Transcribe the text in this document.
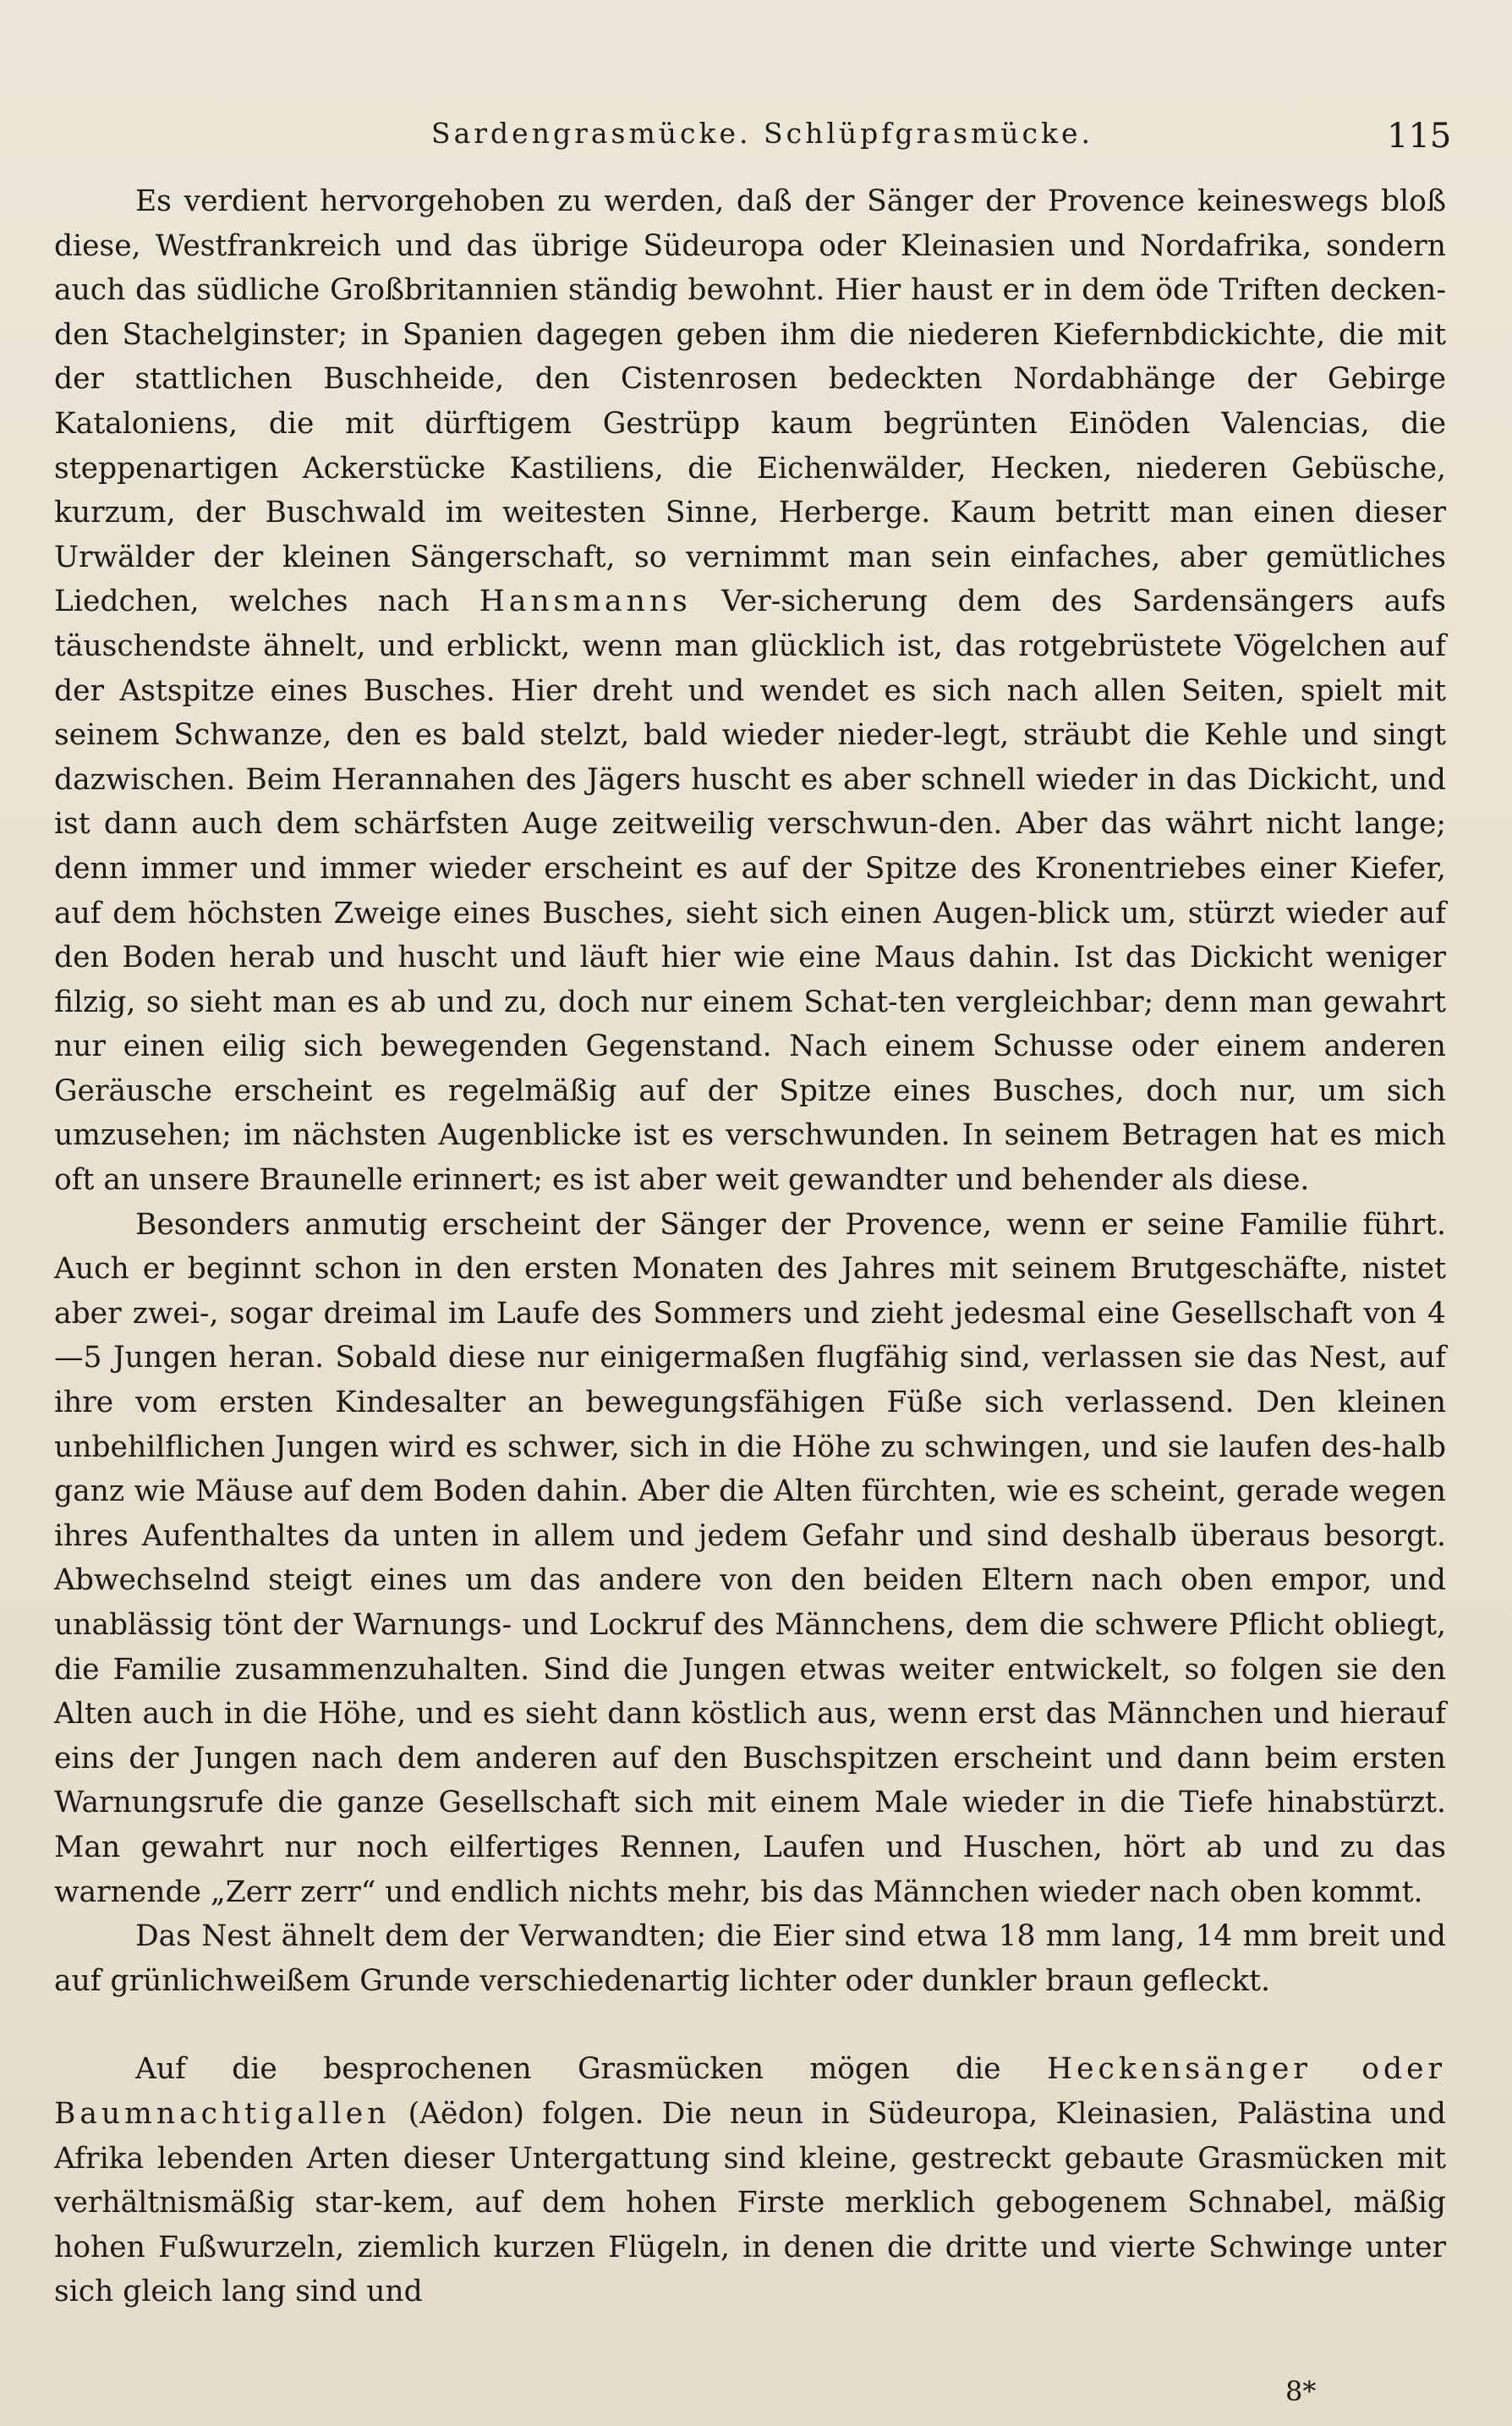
Sardengrasmücke. Schlüpfgrasmücke.	115

Es verdient hervorgehoben zu werden, daß der Sänger der Provence keineswegs bloß diese, Westfrankreich und das übrige Südeuropa oder Kleinasien und Nordafrika, sondern auch das südliche Großbritannien ständig bewohnt. Hier haust er in dem öde Triften decken-den Stachelginster; in Spanien dagegen geben ihm die niederen Kiefernbdickichte, die mit der stattlichen Buschheide, den Cistenrosen bedeckten Nordabhänge der Gebirge Kataloniens, die mit dürftigem Gestrüpp kaum begrünten Einöden Valencias, die steppenartigen Ackerstücke Kastiliens, die Eichenwälder, Hecken, niederen Gebüsche, kurzum, der Buschwald im weitesten Sinne, Herberge. Kaum betritt man einen dieser Urwälder der kleinen Sängerschaft, so vernimmt man sein einfaches, aber gemütliches Liedchen, welches nach Hansmanns Ver-sicherung dem des Sardensängers aufs täuschendste ähnelt, und erblickt, wenn man glücklich ist, das rotgebrüstete Vögelchen auf der Astspitze eines Busches. Hier dreht und wendet es sich nach allen Seiten, spielt mit seinem Schwanze, den es bald stelzt, bald wieder nieder-legt, sträubt die Kehle und singt dazwischen. Beim Herannahen des Jägers huscht es aber schnell wieder in das Dickicht, und ist dann auch dem schärfsten Auge zeitweilig verschwun-den. Aber das währt nicht lange; denn immer und immer wieder erscheint es auf der Spitze des Kronentriebes einer Kiefer, auf dem höchsten Zweige eines Busches, sieht sich einen Augen-blick um, stürzt wieder auf den Boden herab und huscht und läuft hier wie eine Maus dahin. Ist das Dickicht weniger filzig, so sieht man es ab und zu, doch nur einem Schat-ten vergleichbar; denn man gewahrt nur einen eilig sich bewegenden Gegenstand. Nach einem Schusse oder einem anderen Geräusche erscheint es regelmäßig auf der Spitze eines Busches, doch nur, um sich umzusehen; im nächsten Augenblicke ist es verschwunden. In seinem Betragen hat es mich oft an unsere Braunelle erinnert; es ist aber weit gewandter und behender als diese.

Besonders anmutig erscheint der Sänger der Provence, wenn er seine Familie führt. Auch er beginnt schon in den ersten Monaten des Jahres mit seinem Brutgeschäfte, nistet aber zwei-, sogar dreimal im Laufe des Sommers und zieht jedesmal eine Gesellschaft von 4—5 Jungen heran. Sobald diese nur einigermaßen flugfähig sind, verlassen sie das Nest, auf ihre vom ersten Kindesalter an bewegungsfähigen Füße sich verlassend. Den kleinen unbehilflichen Jungen wird es schwer, sich in die Höhe zu schwingen, und sie laufen des-halb ganz wie Mäuse auf dem Boden dahin. Aber die Alten fürchten, wie es scheint, gerade wegen ihres Aufenthaltes da unten in allem und jedem Gefahr und sind deshalb überaus besorgt. Abwechselnd steigt eines um das andere von den beiden Eltern nach oben empor, und unablässig tönt der Warnungs- und Lockruf des Männchens, dem die schwere Pflicht obliegt, die Familie zusammenzuhalten. Sind die Jungen etwas weiter entwickelt, so folgen sie den Alten auch in die Höhe, und es sieht dann köstlich aus, wenn erst das Männchen und hierauf eins der Jungen nach dem anderen auf den Buschspitzen erscheint und dann beim ersten Warnungsrufe die ganze Gesellschaft sich mit einem Male wieder in die Tiefe hinabstürzt. Man gewahrt nur noch eilfertiges Rennen, Laufen und Huschen, hört ab und zu das warnende „Zerr zerr“ und endlich nichts mehr, bis das Männchen wieder nach oben kommt.

Das Nest ähnelt dem der Verwandten; die Eier sind etwa 18 mm lang, 14 mm breit und auf grünlichweißem Grunde verschiedenartig lichter oder dunkler braun gefleckt.

Auf die besprochenen Grasmücken mögen die Heckensänger oder Baumnachtigallen (Aëdon) folgen. Die neun in Südeuropa, Kleinasien, Palästina und Afrika lebenden Arten dieser Untergattung sind kleine, gestreckt gebaute Grasmücken mit verhältnismäßig star-kem, auf dem hohen Firste merklich gebogenem Schnabel, mäßig hohen Fußwurzeln, ziemlich kurzen Flügeln, in denen die dritte und vierte Schwinge unter sich gleich lang sind und

8*
